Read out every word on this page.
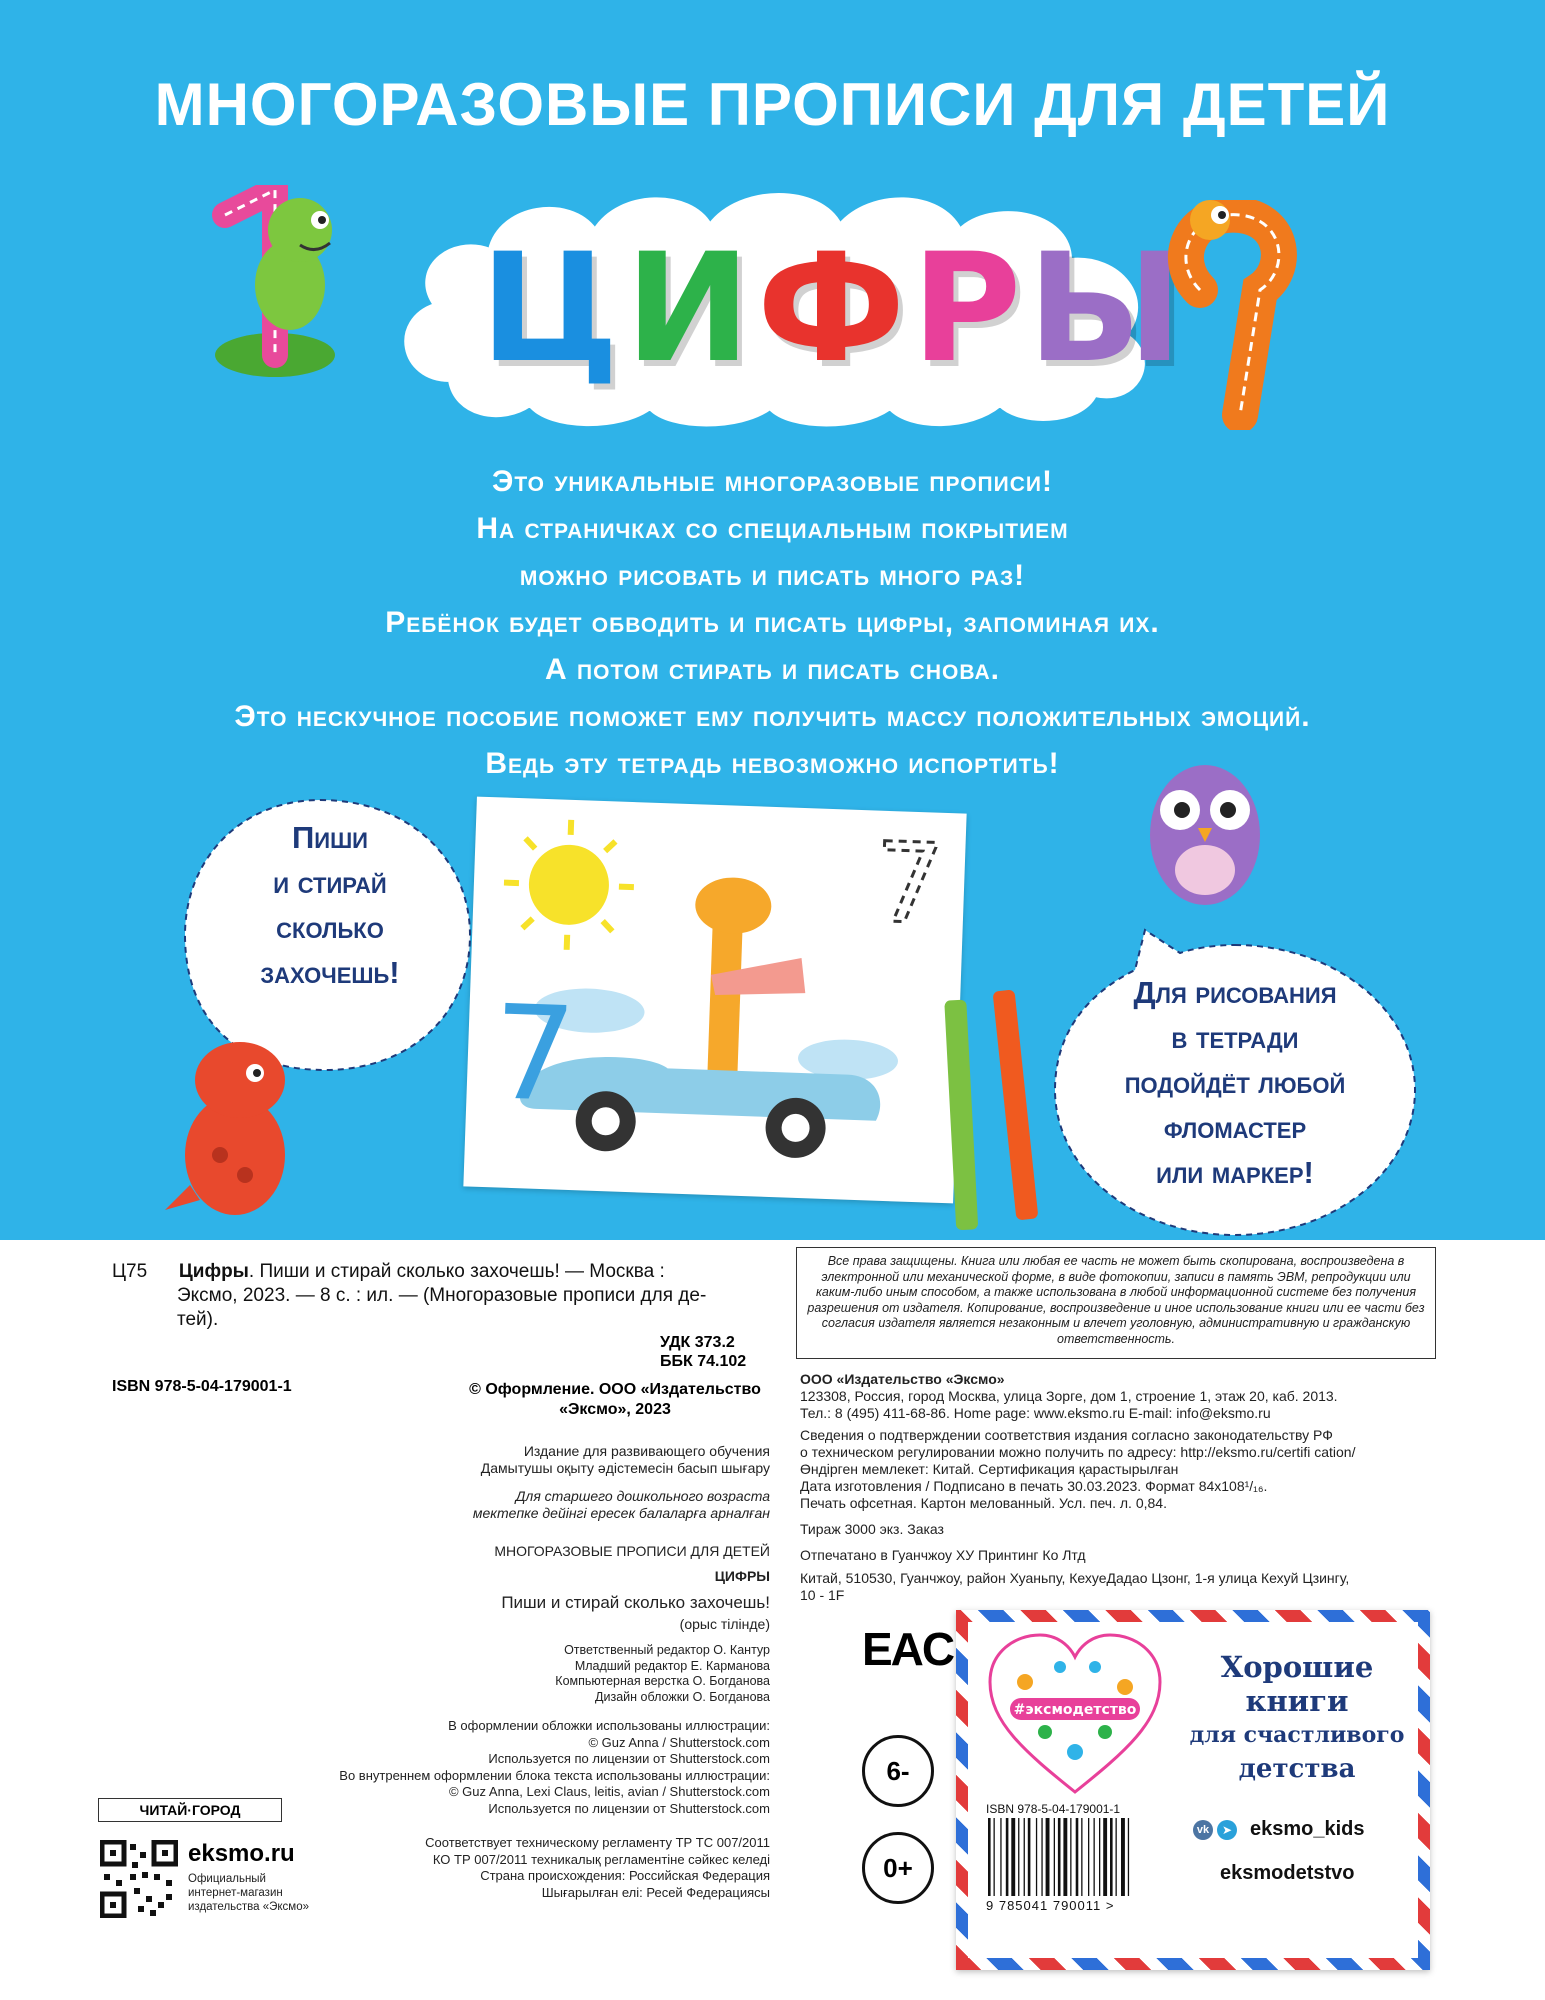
МНОГОРАЗОВЫЕ ПРОПИСИ ДЛЯ ДЕТЕЙ
ЦИФРЫ
Это уникальные многоразовые прописи!
На страничках со специальным покрытием
можно рисовать и писать много раз!
Ребёнок будет обводить и писать цифры, запоминая их.
А потом стирать и писать снова.
Это нескучное пособие поможет ему получить массу положительных эмоций.
Ведь эту тетрадь невозможно испортить!
Пиши
и стирай
сколько
захочешь!
7
7	Для рисования
в тетради
подойдёт любой
фломастер
или маркер!
Ц75 Цифры. Пиши и стирай сколько захочешь! — Москва :
Эксмо, 2023. — 8 с. : ил. — (Многоразовые прописи для де-
тей).
УДК 373.2
ББК 74.102
ISBN 978-5-04-179001-1	© Оформление. ООО «Издательство
«Эксмо», 2023
Издание для развивающего обучения
Дамытушы оқыту әдістемесін басып шығару
Для старшего дошкольного возраста
мектепке дейінгі ересек балаларға арналған
МНОГОРАЗОВЫЕ ПРОПИСИ ДЛЯ ДЕТЕЙ
ЦИФРЫ
Пиши и стирай сколько захочешь!
(орыс тілінде)
Ответственный редактор О. Кантур
Младший редактор Е. Карманова
Компьютерная верстка О. Богданова
Дизайн обложки О. Богданова
В оформлении обложки использованы иллюстрации:
© Guz Anna / Shutterstock.com
Используется по лицензии от Shutterstock.com
Во внутреннем оформлении блока текста использованы иллюстрации:
© Guz Anna, Lexi Claus, leitis, avian / Shutterstock.com
Используется по лицензии от Shutterstock.com
Соответствует техническому регламенту ТР ТС 007/2011
КО ТР 007/2011 техникалық регламентіне сәйкес келеді
Страна происхождения: Российская Федерация
Шығарылған елі: Ресей Федерациясы
Все права защищены. Книга или любая ее часть не может быть скопирована, воспроизведена в электронной или механической форме, в виде фотокопии, записи в память ЭВМ, репродукции или каким-либо иным способом, а также использована в любой информационной системе без получения разрешения от издателя. Копирование, воспроизведение и иное использование книги или ее части без согласия издателя является незаконным и влечет уголовную, административную и гражданскую ответственность.
ООО «Издательство «Эксмо»
123308, Россия, город Москва, улица Зорге, дом 1, строение 1, этаж 20, каб. 2013.
Тел.: 8 (495) 411-68-86. Home page: www.eksmo.ru E-mail: info@eksmo.ru
Сведения о подтверждении соответствия издания согласно законодательству РФ
о техническом регулировании можно получить по адресу: http://eksmo.ru/certifi cation/
Өндірген мемлекет: Китай. Сертификация қарастырылған
Дата изготовления / Подписано в печать 30.03.2023. Формат 84x108¹/₁₆.
Печать офсетная. Картон мелованный. Усл. печ. л. 0,84.
Тираж 3000 экз. Заказ
Отпечатано в Гуанчжоу ХУ Принтинг Ко Лтд
Китай, 510530, Гуанчжоу, район Хуаньпу, КехуеДадао Цзонг, 1-я улица Кехуй Цзингу,
10 - 1F
EAC
6-
0+
ЧИТАЙ·ГОРОД
eksmo.ru
Официальный
интернет-магазин
издательства «Эксмо»
#эксмодетство
Хорошие
книги
для счастливого
детства
ISBN 978-5-04-179001-1
9 785041 790011 >
vk	➤ eksmo_kids
eksmodetstvo
